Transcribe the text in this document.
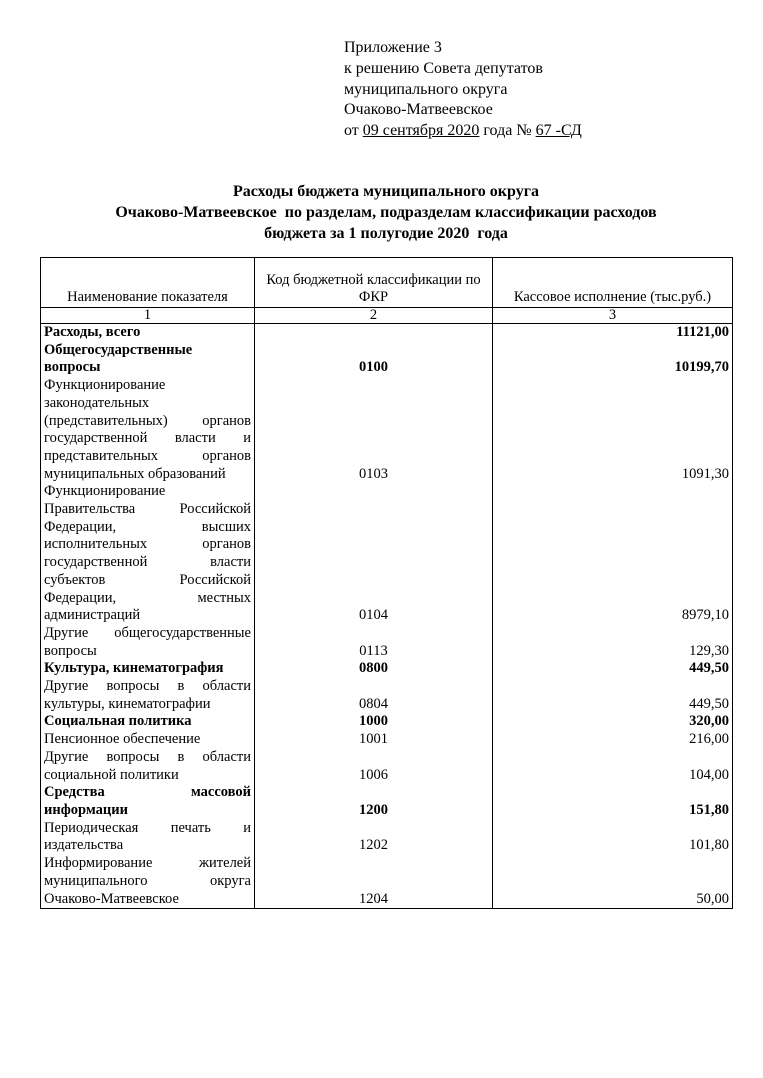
Приложение 3
к решению Совета депутатов
муниципального округа
Очаково-Матвеевское
от 09 сентября 2020 года № 67 -СД
Расходы бюджета муниципального округа
Очаково-Матвеевское  по разделам, подразделам классификации расходов
бюджета за 1 полугодие 2020  года
Наименование показателя	Код бюджетной классификации по ФКР	Кассовое исполнение (тыс.руб.)
1	2	3
Расходы, всего		11121,00
Общегосударственные вопросы	0100	10199,70
Функционирование законодательных (представительных) органов государственной власти и представительных органов муниципальных образований	0103	1091,30
Функционирование Правительства Российской Федерации, высших исполнительных органов государственной власти субъектов Российской Федерации, местных администраций	0104	8979,10
Другие общегосударственные вопросы	0113	129,30
Культура, кинематография	0800	449,50
Другие вопросы в области культуры, кинематографии	0804	449,50
Социальная политика	1000	320,00
Пенсионное обеспечение	1001	216,00
Другие вопросы в области социальной политики	1006	104,00
Средства массовой информации	1200	151,80
Периодическая печать и издательства	1202	101,80
Информирование жителей муниципального округа Очаково-Матвеевское	1204	50,00
